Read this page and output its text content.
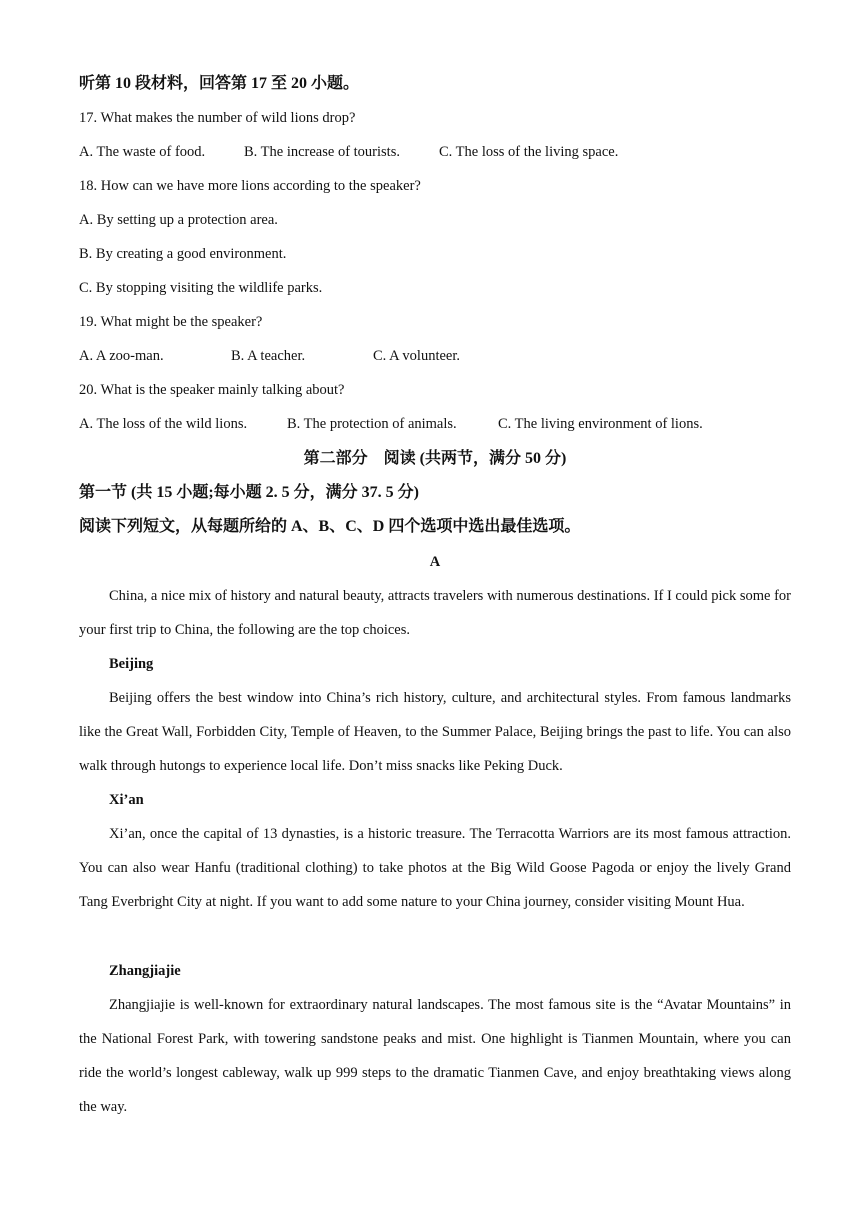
听第 10 段材料，回答第 17 至 20 小题。
17. What makes the number of wild lions drop?
A. The waste of food.	B. The increase of tourists.	C. The loss of the living space.
18. How can we have more lions according to the speaker?
A. By setting up a protection area.
B. By creating a good environment.
C. By stopping visiting the wildlife parks.
19. What might be the speaker?
A. A zoo-man.	B. A teacher.	C. A volunteer.
20. What is the speaker mainly talking about?
A. The loss of the wild lions.	B. The protection of animals.	C. The living environment of lions.
第二部分　阅读 (共两节，满分 50 分)
第一节 (共 15 小题;每小题 2. 5 分，满分 37. 5 分)
阅读下列短文，从每题所给的 A、B、C、D 四个选项中选出最佳选项。
A

China, a nice mix of history and natural beauty, attracts travelers with numerous destinations. If I could pick some for your first trip to China, the following are the top choices.

Beijing

Beijing offers the best window into China’s rich history, culture, and architectural styles. From famous landmarks like the Great Wall, Forbidden City, Temple of Heaven, to the Summer Palace, Beijing brings the past to life. You can also walk through hutongs to experience local life. Don’t miss snacks like Peking Duck.

Xi’an

Xi’an, once the capital of 13 dynasties, is a historic treasure. The Terracotta Warriors are its most famous attraction. You can also wear Hanfu (traditional clothing) to take photos at the Big Wild Goose Pagoda or enjoy the lively Grand Tang Everbright City at night. If you want to add some nature to your China journey, consider visiting Mount Hua.

Zhangjiajie

Zhangjiajie is well-known for extraordinary natural landscapes. The most famous site is the “Avatar Mountains” in the National Forest Park, with towering sandstone peaks and mist. One highlight is Tianmen Mountain, where you can ride the world’s longest cableway, walk up 999 steps to the dramatic Tianmen Cave, and enjoy breathtaking views along the way.
